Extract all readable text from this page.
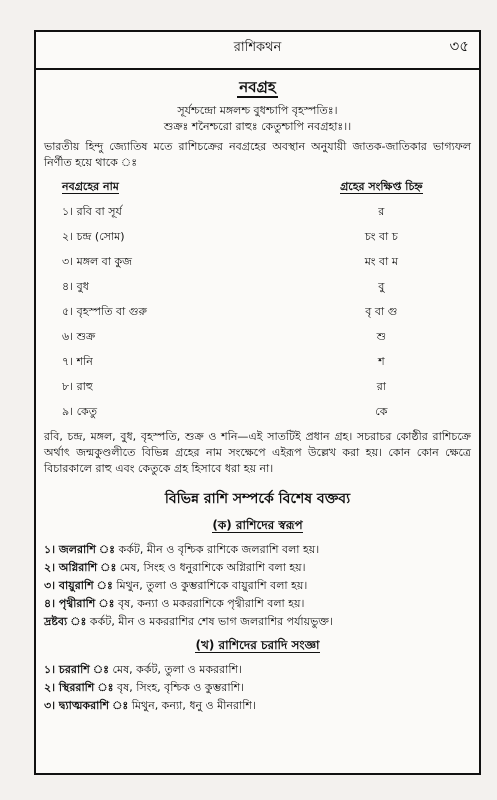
রাশিকথন	৩৫
নবগ্রহ
সূর্যশ্চন্দ্রো মঙ্গলশ্চ বুধশ্চাপি বৃহস্পতিঃ।
শুক্রঃ শনৈশ্চরো রাহুঃ কেতুশ্চাপি নবগ্রহাঃ।।
ভারতীয় হিন্দু জ্যোতিষ মতে রাশিচক্রের নবগ্রহের অবস্থান অনুযায়ী জাতক-জাতিকার ভাগ্যফল নির্ণীত হয়ে থাকে ঃ
নবগ্রহের নাম	গ্রহের সংক্ষিপ্ত চিহ্ন
১। রবি বা সূর্য	র
২। চন্দ্র (সোম)	চং বা চ
৩। মঙ্গল বা কুজ	মং বা ম
৪। বুধ	বু
৫। বৃহস্পতি বা গুরু	বৃ বা গু
৬। শুক্র	শু
৭। শনি	শ
৮। রাহু	রা
৯। কেতু	কে
রবি, চন্দ্র, মঙ্গল, বুধ, বৃহস্পতি, শুক্র ও শনি—এই সাতটিই প্রধান গ্রহ। সচরাচর কোষ্ঠীর রাশিচক্রে অর্থাৎ জন্মকুণ্ডলীতে বিভিন্ন গ্রহের নাম সংক্ষেপে এইরূপ উল্লেখ করা হয়। কোন কোন ক্ষেত্রে বিচারকালে রাহু এবং কেতুকে গ্রহ হিসাবে ধরা হয় না।
বিভিন্ন রাশি সম্পর্কে বিশেষ বক্তব্য
(ক) রাশিদের স্বরূপ
১। জলরাশি ঃ কর্কট, মীন ও বৃশ্চিক রাশিকে জলরাশি বলা হয়।
২। অগ্নিরাশি ঃ মেষ, সিংহ ও ধনুরাশিকে অগ্নিরাশি বলা হয়।
৩। বায়ুরাশি ঃ মিথুন, তুলা ও কুম্ভরাশিকে বায়ুরাশি বলা হয়।
৪। পৃথ্বীরাশি ঃ বৃষ, কন্যা ও মকররাশিকে পৃথ্বীরাশি বলা হয়।
দ্রষ্টব্য ঃ কর্কট, মীন ও মকররাশির শেষ ভাগ জলরাশির পর্যায়ভুক্ত।
(খ) রাশিদের চরাদি সংজ্ঞা
১। চররাশি ঃ মেষ, কর্কট, তুলা ও মকররাশি।
২। স্থিররাশি ঃ বৃষ, সিংহ, বৃশ্চিক ও কুম্ভরাশি।
৩। দ্ব্যাত্মকরাশি ঃ মিথুন, কন্যা, ধনু ও মীনরাশি।
